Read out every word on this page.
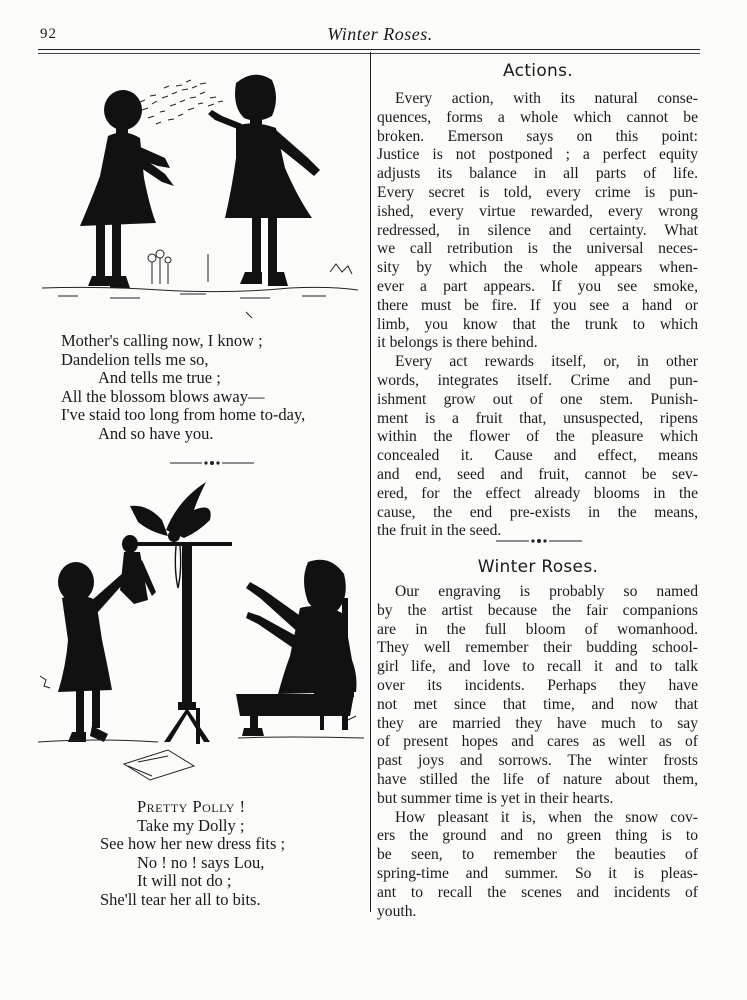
92	Winter Roses.
Mother's calling now, I know ;
Dandelion tells me so,
And tells me true ;
All the blossom blows away—
I've staid too long from home to-day,
And so have you.
Pretty Polly !
Take my Dolly ;
See how her new dress fits ;
No ! no ! says Lou,
It will not do ;
She'll tear her all to bits.
Actions.
Every action, with its natural conse-
quences, forms a whole which cannot be
broken. Emerson says on this point:
Justice is not postponed ; a perfect equity
adjusts its balance in all parts of life.
Every secret is told, every crime is pun-
ished, every virtue rewarded, every wrong
redressed, in silence and certainty. What
we call retribution is the universal neces-
sity by which the whole appears when-
ever a part appears. If you see smoke,
there must be fire. If you see a hand or
limb, you know that the trunk to which
it belongs is there behind.
Every act rewards itself, or, in other
words, integrates itself. Crime and pun-
ishment grow out of one stem. Punish-
ment is a fruit that, unsuspected, ripens
within the flower of the pleasure which
concealed it. Cause and effect, means
and end, seed and fruit, cannot be sev-
ered, for the effect already blooms in the
cause, the end pre-exists in the means,
the fruit in the seed.
Winter Roses.
Our engraving is probably so named
by the artist because the fair companions
are in the full bloom of womanhood.
They well remember their budding school-
girl life, and love to recall it and to talk
over its incidents. Perhaps they have
not met since that time, and now that
they are married they have much to say
of present hopes and cares as well as of
past joys and sorrows. The winter frosts
have stilled the life of nature about them,
but summer time is yet in their hearts.
How pleasant it is, when the snow cov-
ers the ground and no green thing is to
be seen, to remember the beauties of
spring-time and summer. So it is pleas-
ant to recall the scenes and incidents of
youth.
